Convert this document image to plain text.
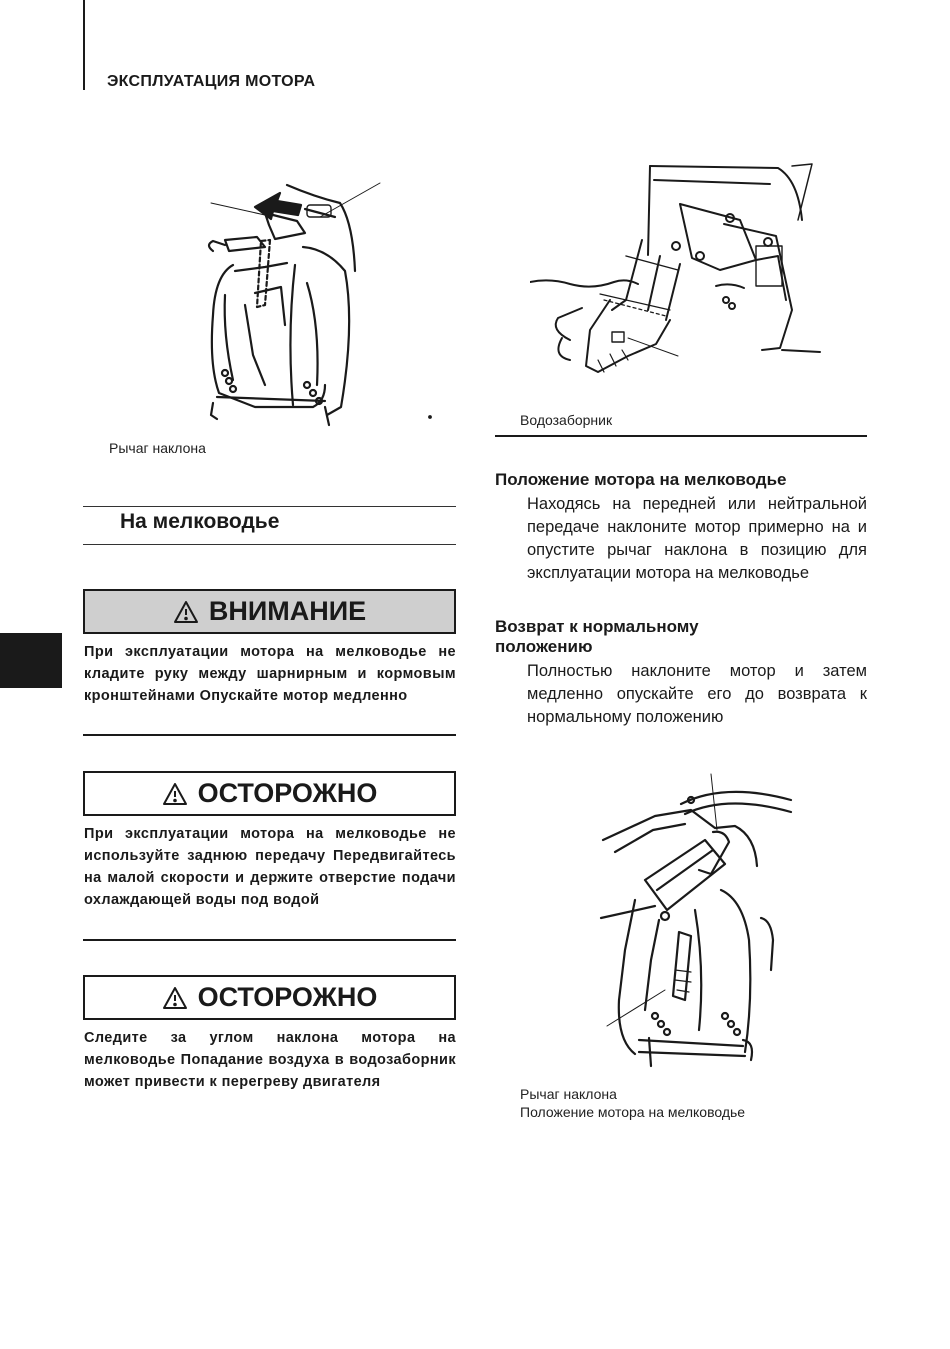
ЭКСПЛУАТАЦИЯ МОТОРА
Рычаг наклона
Водозаборник
На мелководье
ВНИМАНИЕ
При эксплуатации мотора на мелководье не кладите руку между шарнирным и кормовым кронштейнами Опускайте мотор медленно
ОСТОРОЖНО
При эксплуатации мотора на мелководье не используйте заднюю передачу Передвигайтесь на малой скорости и держите отверстие подачи охлаждающей воды под водой
ОСТОРОЖНО
Следите за углом наклона мотора на мелководье Попадание воздуха в водозаборник может привести к перегреву двигателя
Положение мотора на мелководье
Находясь на передней или нейтральной передаче наклоните мотор примерно на и опустите рычаг наклона в позицию для эксплуатации мотора на мелководье
Возврат к нормальному положению
Полностью наклоните мотор и затем медленно опускайте его до возврата к нормальному положению
Рычаг наклона
Положение мотора на мелководье
